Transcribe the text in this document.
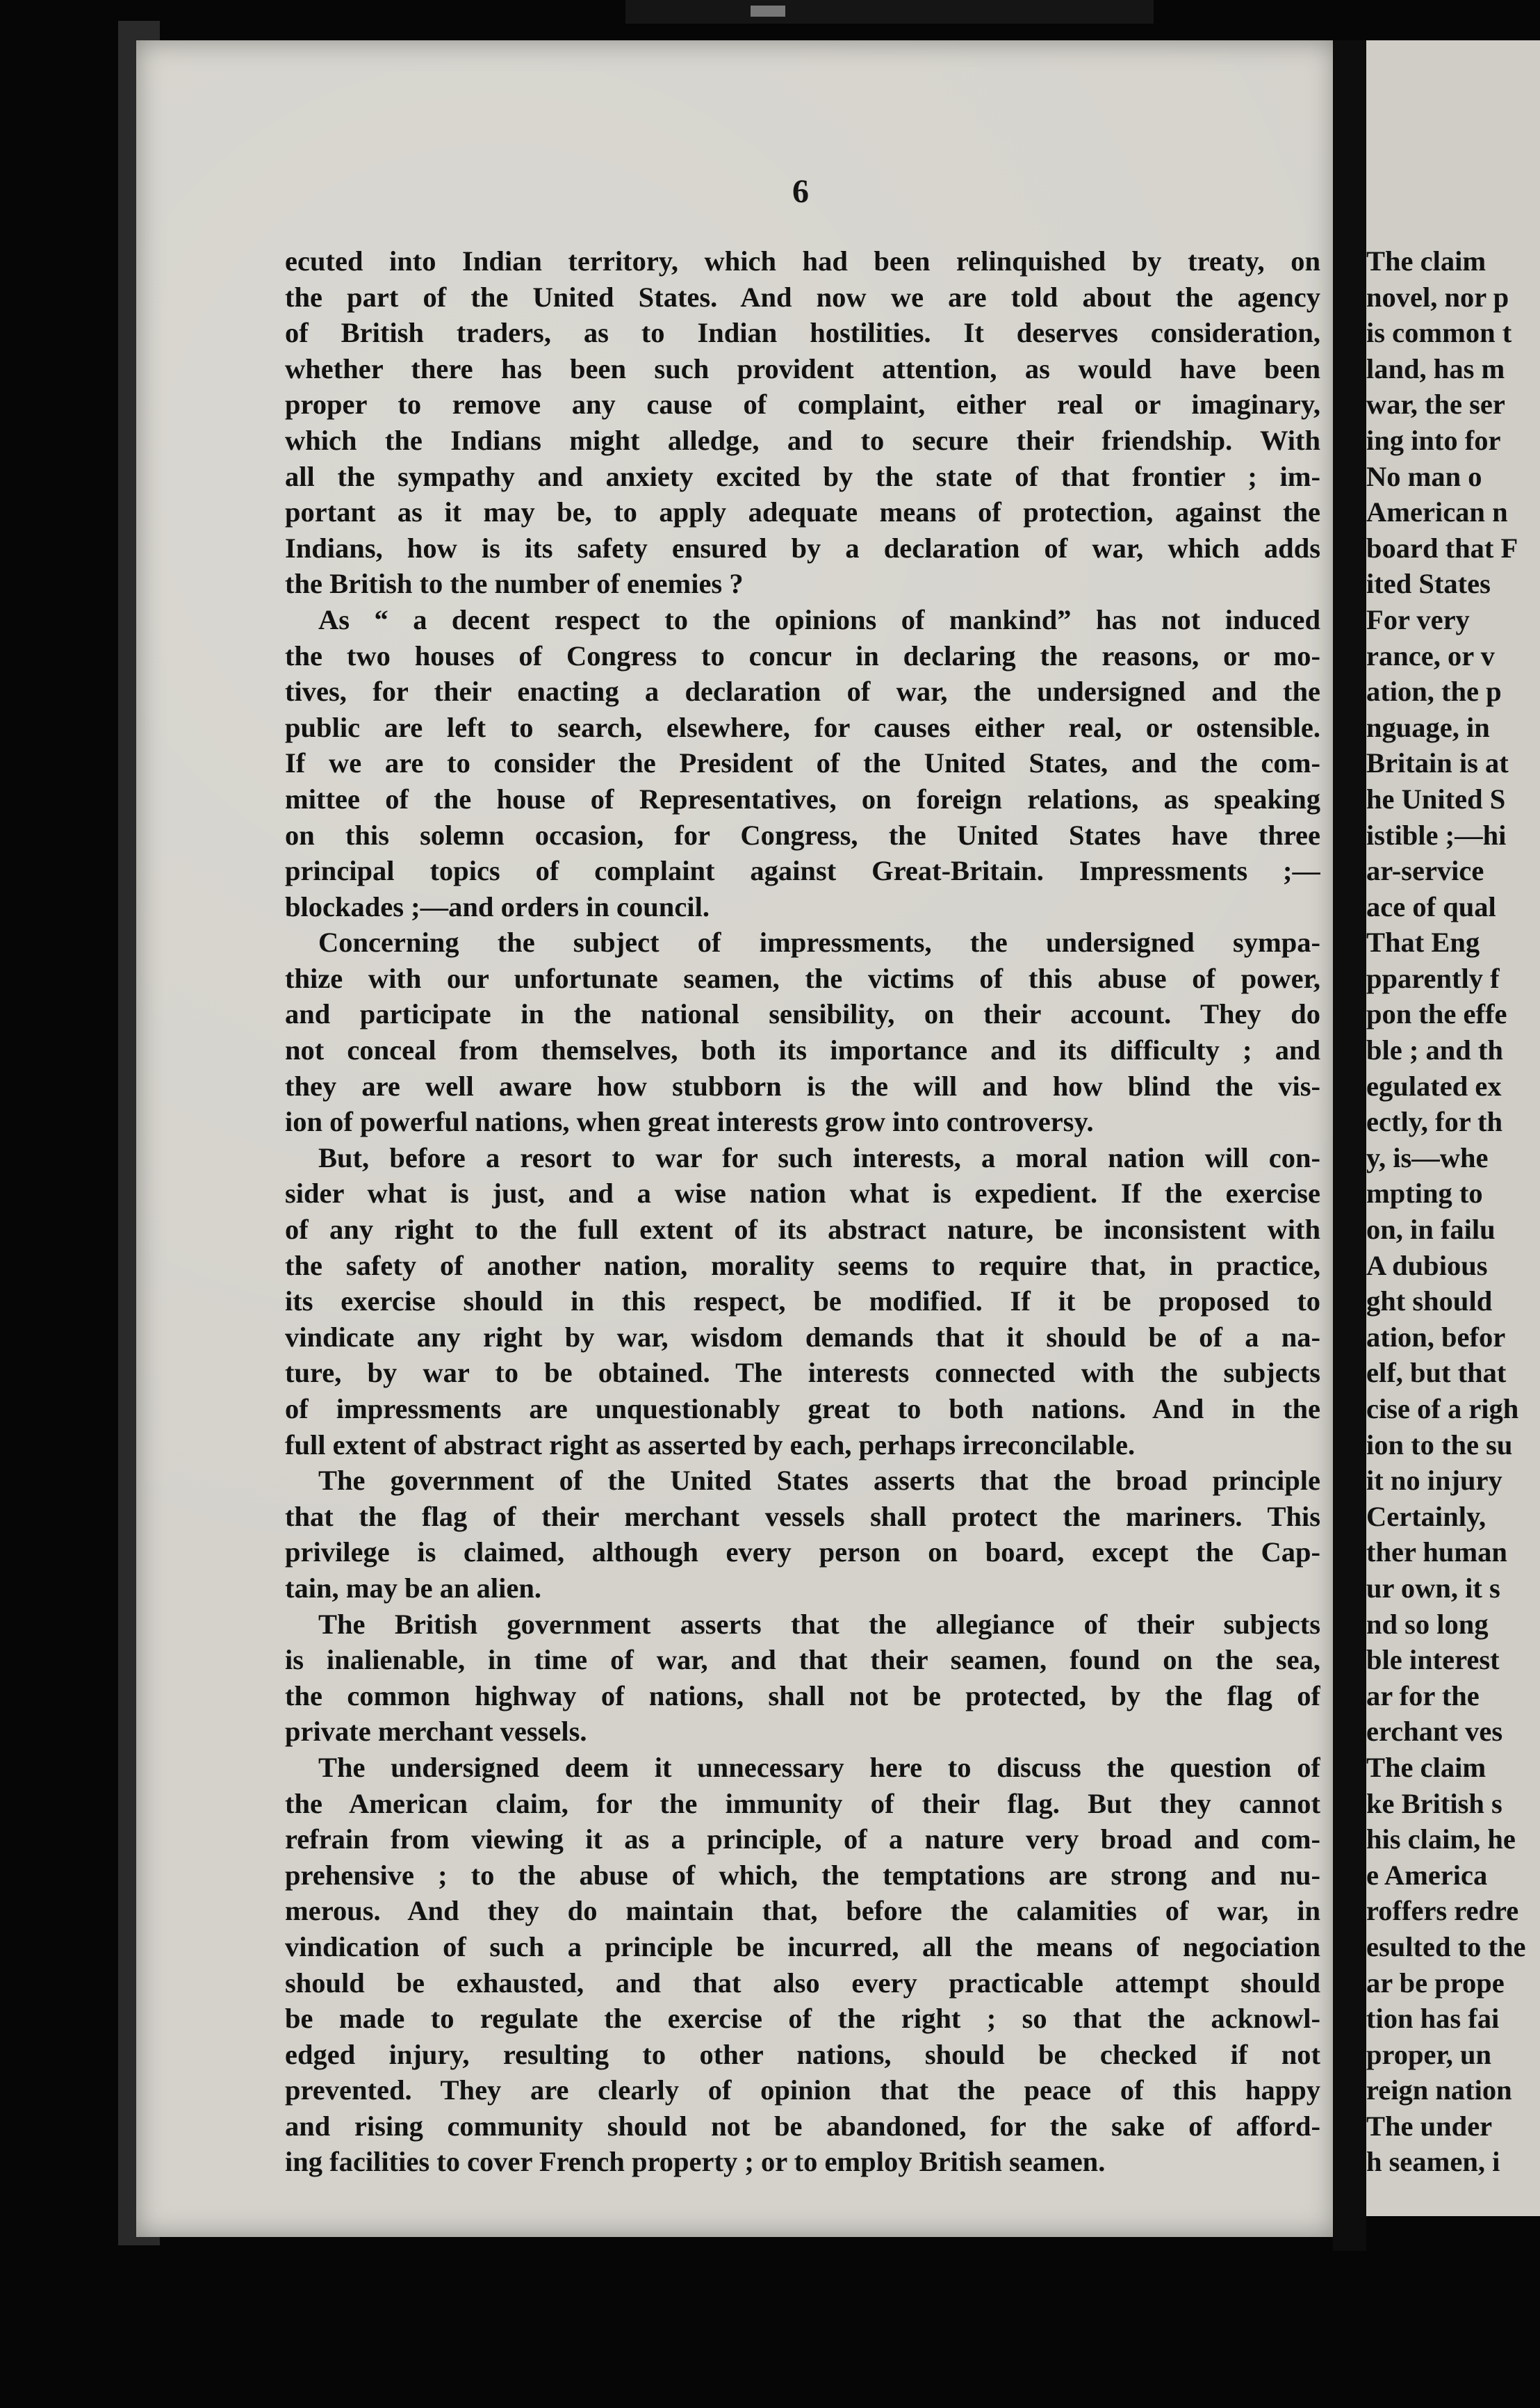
6
ecuted into Indian territory, which had been relinquished by treaty, on
the part of the United States. And now we are told about the agency
of British traders, as to Indian hostilities. It deserves consideration,
whether there has been such provident attention, as would have been
proper to remove any cause of complaint, either real or imaginary,
which the Indians might alledge, and to secure their friendship. With
all the sympathy and anxiety excited by the state of that frontier ; im-
portant as it may be, to apply adequate means of protection, against the
Indians, how is its safety ensured by a declaration of war, which adds
the British to the number of enemies ?
As “ a decent respect to the opinions of mankind” has not induced
the two houses of Congress to concur in declaring the reasons, or mo-
tives, for their enacting a declaration of war, the undersigned and the
public are left to search, elsewhere, for causes either real, or ostensible.
If we are to consider the President of the United States, and the com-
mittee of the house of Representatives, on foreign relations, as speaking
on this solemn occasion, for Congress, the United States have three
principal topics of complaint against Great-Britain. Impressments ;—
blockades ;—and orders in council.
Concerning the subject of impressments, the undersigned sympa-
thize with our unfortunate seamen, the victims of this abuse of power,
and participate in the national sensibility, on their account. They do
not conceal from themselves, both its importance and its difficulty ; and
they are well aware how stubborn is the will and how blind the vis-
ion of powerful nations, when great interests grow into controversy.
But, before a resort to war for such interests, a moral nation will con-
sider what is just, and a wise nation what is expedient. If the exercise
of any right to the full extent of its abstract nature, be inconsistent with
the safety of another nation, morality seems to require that, in practice,
its exercise should in this respect, be modified. If it be proposed to
vindicate any right by war, wisdom demands that it should be of a na-
ture, by war to be obtained. The interests connected with the subjects
of impressments are unquestionably great to both nations. And in the
full extent of abstract right as asserted by each, perhaps irreconcilable.
The government of the United States asserts that the broad principle
that the flag of their merchant vessels shall protect the mariners. This
privilege is claimed, although every person on board, except the Cap-
tain, may be an alien.
The British government asserts that the allegiance of their subjects
is inalienable, in time of war, and that their seamen, found on the sea,
the common highway of nations, shall not be protected, by the flag of
private merchant vessels.
The undersigned deem it unnecessary here to discuss the question of
the American claim, for the immunity of their flag. But they cannot
refrain from viewing it as a principle, of a nature very broad and com-
prehensive ; to the abuse of which, the temptations are strong and nu-
merous. And they do maintain that, before the calamities of war, in
vindication of such a principle be incurred, all the means of negociation
should be exhausted, and that also every practicable attempt should
be made to regulate the exercise of the right ; so that the acknowl-
edged injury, resulting to other nations, should be checked if not
prevented. They are clearly of opinion that the peace of this happy
and rising community should not be abandoned, for the sake of afford-
ing facilities to cover French property ; or to employ British seamen.
The claim
novel, nor p
is common t
land, has m
war, the ser
ing into for
No man o
American n
board that F
ited States
For very
rance, or v
ation, the p
nguage, in
Britain is at
he United S
istible ;—hi
ar-service
ace of qual
That Eng
pparently f
pon the effe
ble ; and th
egulated ex
ectly, for th
y, is—whe
mpting to
on, in failu
A dubious
ght should
ation, befor
elf, but that
cise of a righ
ion to the su
it no injury
Certainly,
ther human
ur own, it s
nd so long
ble interest
ar for the
erchant ves
The claim
ke British s
his claim, he
e America
roffers redre
esulted to the
ar be prope
tion has fai
proper, un
reign nation
The under
h seamen, i
